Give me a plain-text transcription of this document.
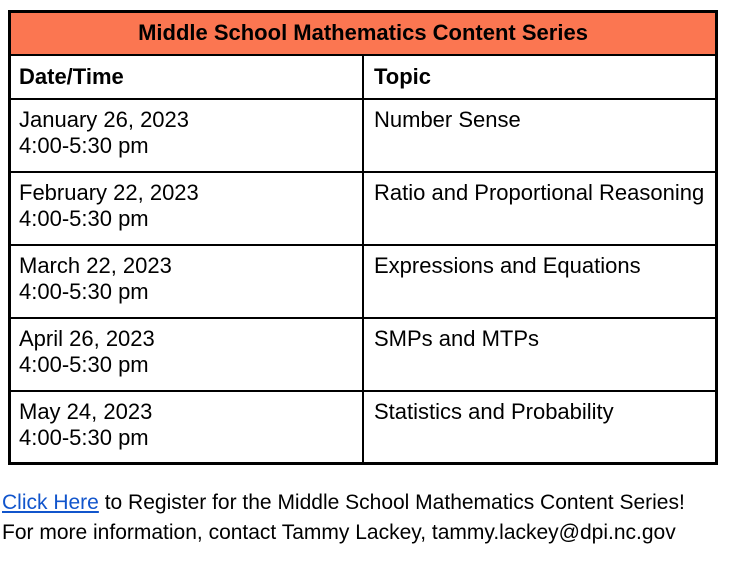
Middle School Mathematics Content Series	
Date/Time	Topic

January 26, 2023
4:00-5:30 pm	Number Sense

February 22, 2023
4:00-5:30 pm	Ratio and Proportional Reasoning

March 22, 2023
4:00-5:30 pm	Expressions and Equations

April 26, 2023
4:00-5:30 pm	SMPs and MTPs

May 24, 2023
4:00-5:30 pm	Statistics and Probability

Click Here to Register for the Middle School Mathematics Content Series!

For more information, contact Tammy Lackey, tammy.lackey@dpi.nc.gov
